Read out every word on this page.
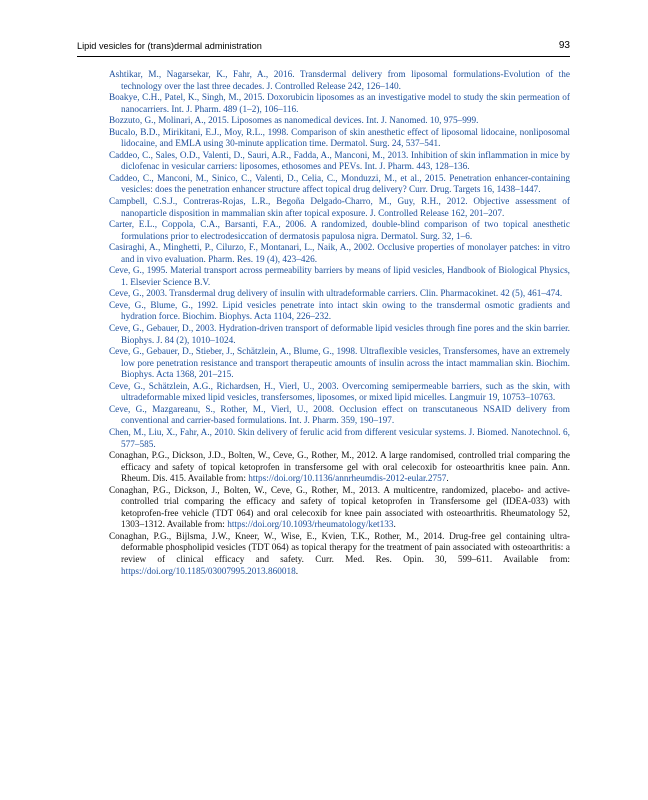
Lipid vesicles for (trans)dermal administration	93

Ashtikar, M., Nagarsekar, K., Fahr, A., 2016. Transdermal delivery from liposomal formulations-Evolution of the technology over the last three decades. J. Controlled Release 242, 126–140.

Boakye, C.H., Patel, K., Singh, M., 2015. Doxorubicin liposomes as an investigative model to study the skin permeation of nanocarriers. Int. J. Pharm. 489 (1–2), 106–116.

Bozzuto, G., Molinari, A., 2015. Liposomes as nanomedical devices. Int. J. Nanomed. 10, 975–999.

Bucalo, B.D., Mirikitani, E.J., Moy, R.L., 1998. Comparison of skin anesthetic effect of liposomal lidocaine, nonliposomal lidocaine, and EMLA using 30-minute application time. Dermatol. Surg. 24, 537–541.

Caddeo, C., Sales, O.D., Valenti, D., Sauri, A.R., Fadda, A., Manconi, M., 2013. Inhibition of skin inflammation in mice by diclofenac in vesicular carriers: liposomes, ethosomes and PEVs. Int. J. Pharm. 443, 128–136.

Caddeo, C., Manconi, M., Sinico, C., Valenti, D., Celia, C., Monduzzi, M., et al., 2015. Penetration enhancer-containing vesicles: does the penetration enhancer structure affect topical drug delivery? Curr. Drug. Targets 16, 1438–1447.

Campbell, C.S.J., Contreras-Rojas, L.R., Begoña Delgado-Charro, M., Guy, R.H., 2012. Objective assessment of nanoparticle disposition in mammalian skin after topical exposure. J. Controlled Release 162, 201–207.

Carter, E.L., Coppola, C.A., Barsanti, F.A., 2006. A randomized, double-blind comparison of two topical anesthetic formulations prior to electrodesiccation of dermatosis papulosa nigra. Dermatol. Surg. 32, 1–6.

Casiraghi, A., Minghetti, P., Cilurzo, F., Montanari, L., Naik, A., 2002. Occlusive properties of monolayer patches: in vitro and in vivo evaluation. Pharm. Res. 19 (4), 423–426.

Ceve, G., 1995. Material transport across permeability barriers by means of lipid vesicles, Handbook of Biological Physics, 1. Elsevier Science B.V.

Ceve, G., 2003. Transdermal drug delivery of insulin with ultradeformable carriers. Clin. Pharmacokinet. 42 (5), 461–474.

Ceve, G., Blume, G., 1992. Lipid vesicles penetrate into intact skin owing to the transdermal osmotic gradients and hydration force. Biochim. Biophys. Acta 1104, 226–232.

Ceve, G., Gebauer, D., 2003. Hydration-driven transport of deformable lipid vesicles through fine pores and the skin barrier. Biophys. J. 84 (2), 1010–1024.

Ceve, G., Gebauer, D., Stieber, J., Schätzlein, A., Blume, G., 1998. Ultraflexible vesicles, Transfersomes, have an extremely low pore penetration resistance and transport therapeutic amounts of insulin across the intact mammalian skin. Biochim. Biophys. Acta 1368, 201–215.

Ceve, G., Schätzlein, A.G., Richardsen, H., Vierl, U., 2003. Overcoming semipermeable barriers, such as the skin, with ultradeformable mixed lipid vesicles, transfersomes, liposomes, or mixed lipid micelles. Langmuir 19, 10753–10763.

Ceve, G., Mazgareanu, S., Rother, M., Vierl, U., 2008. Occlusion effect on transcutaneous NSAID delivery from conventional and carrier-based formulations. Int. J. Pharm. 359, 190–197.

Chen, M., Liu, X., Fahr, A., 2010. Skin delivery of ferulic acid from different vesicular systems. J. Biomed. Nanotechnol. 6, 577–585.

Conaghan, P.G., Dickson, J.D., Bolten, W., Ceve, G., Rother, M., 2012. A large randomised, controlled trial comparing the efficacy and safety of topical ketoprofen in transfersome gel with oral celecoxib for osteoarthritis knee pain. Ann. Rheum. Dis. 415. Available from: https://doi.org/10.1136/annrheumdis-2012-eular.2757.

Conaghan, P.G., Dickson, J., Bolten, W., Ceve, G., Rother, M., 2013. A multicentre, randomized, placebo- and active-controlled trial comparing the efficacy and safety of topical ketoprofen in Transfersome gel (IDEA-033) with ketoprofen-free vehicle (TDT 064) and oral celecoxib for knee pain associated with osteoarthritis. Rheumatology 52, 1303–1312. Available from: https://doi.org/10.1093/rheumatology/ket133.

Conaghan, P.G., Bijlsma, J.W., Kneer, W., Wise, E., Kvien, T.K., Rother, M., 2014. Drug-free gel containing ultra-deformable phospholipid vesicles (TDT 064) as topical therapy for the treatment of pain associated with osteoarthritis: a review of clinical efficacy and safety. Curr. Med. Res. Opin. 30, 599–611. Available from: https://doi.org/10.1185/03007995.2013.860018.
